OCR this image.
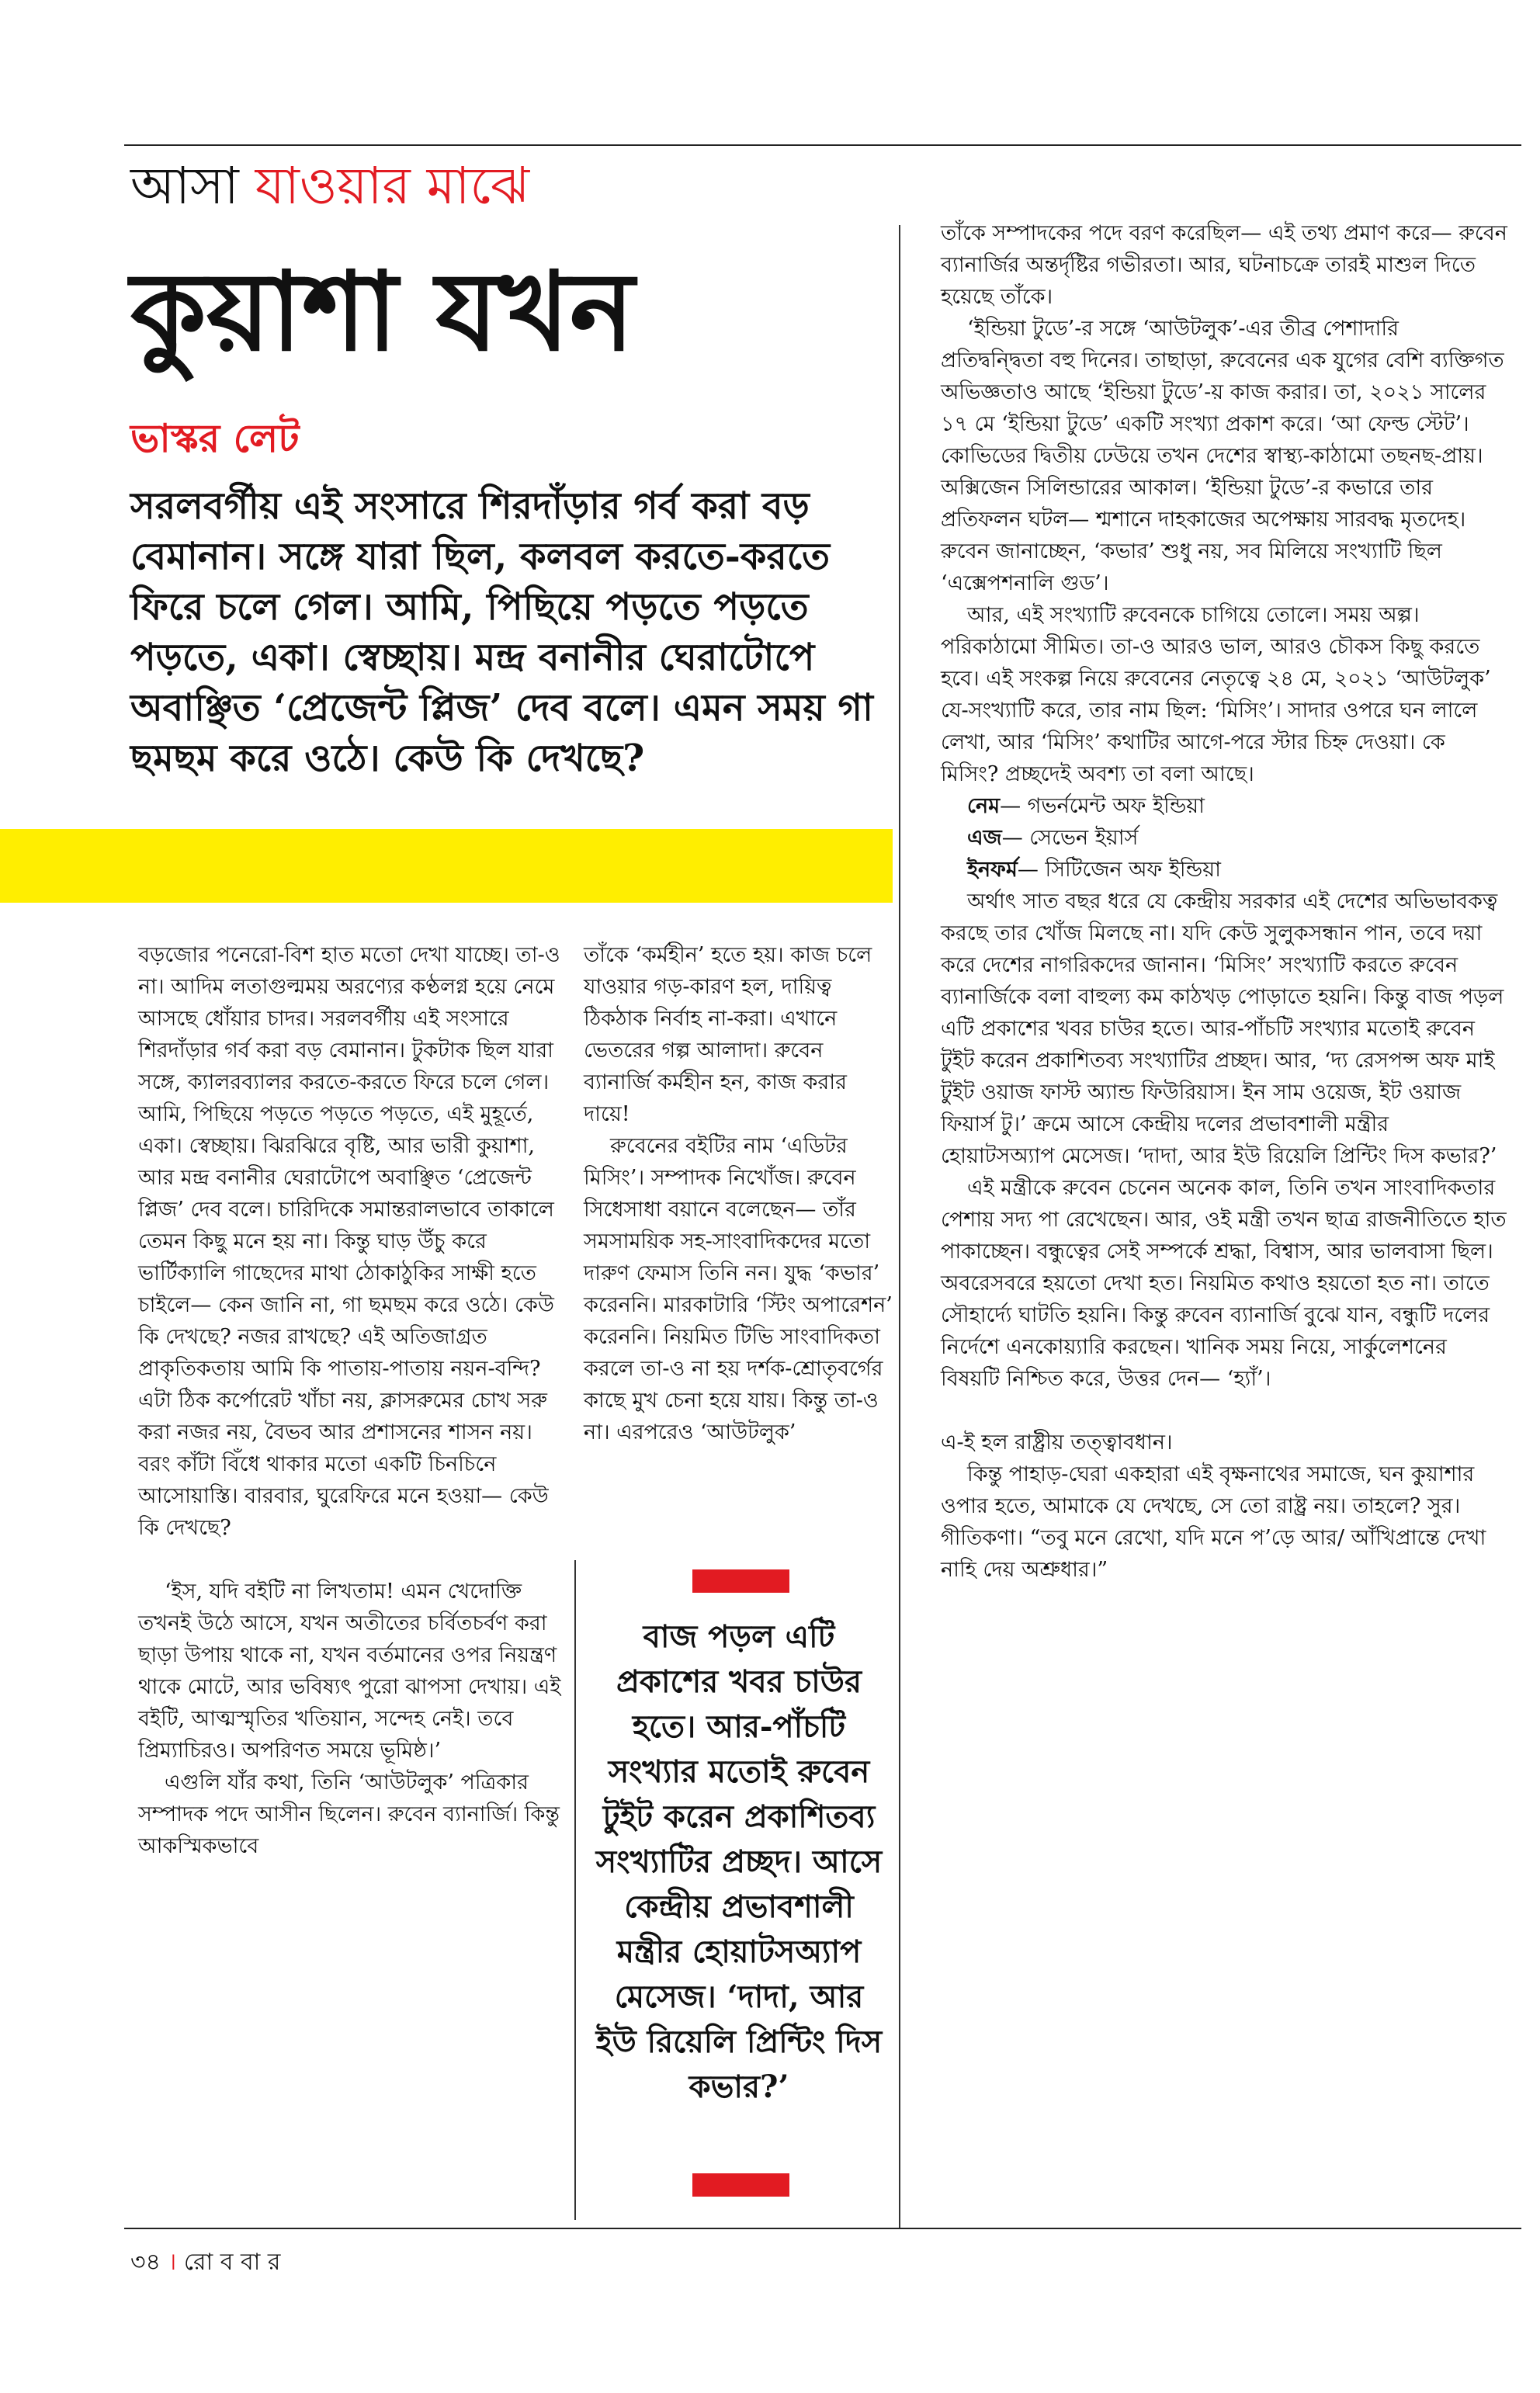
আসা যাওয়ার মাঝে
কুয়াশা যখন
ভাস্কর লেট
সরলবর্গীয় এই সংসারে শিরদাঁড়ার গর্ব করা বড় বেমানান। সঙ্গে যারা ছিল, কলবল করতে-করতে ফিরে চলে গেল। আমি, পিছিয়ে পড়তে পড়তে পড়তে, একা। স্বেচ্ছায়। মন্দ্র বনানীর ঘেরাটোপে অবাঞ্ছিত ‘প্রেজেন্ট প্লিজ’ দেব বলে। এমন সময় গা ছমছম করে ওঠে। কেউ কি দেখছে?

বড়জোর পনেরো-বিশ হাত মতো দেখা যাচ্ছে। তা-ও না। আদিম লতাগুল্মময় অরণ্যের কণ্ঠলগ্ন হয়ে নেমে আসছে ধোঁয়ার চাদর। সরলবর্গীয় এই সংসারে শিরদাঁড়ার গর্ব করা বড় বেমানান। টুকটাক ছিল যারা সঙ্গে, ক্যালরব্যালর করতে-করতে ফিরে চলে গেল। আমি, পিছিয়ে পড়তে পড়তে পড়তে, এই মুহূর্তে, একা। স্বেচ্ছায়। ঝিরঝিরে বৃষ্টি, আর ভারী কুয়াশা, আর মন্দ্র বনানীর ঘেরাটোপে অবাঞ্ছিত ‘প্রেজেন্ট প্লিজ’ দেব বলে। চারিদিকে সমান্তরালভাবে তাকালে তেমন কিছু মনে হয় না। কিন্তু ঘাড় উঁচু করে ভার্টিক্যালি গাছেদের মাথা ঠোকাঠুকির সাক্ষী হতে চাইলে— কেন জানি না, গা ছমছম করে ওঠে। কেউ কি দেখছে? নজর রাখছে? এই অতিজাগ্রত প্রাকৃতিকতায় আমি কি পাতায়-পাতায় নয়ন-বন্দি? এটা ঠিক কর্পোরেট খাঁচা নয়, ক্লাসরুমের চোখ সরু করা নজর নয়, বৈভব আর প্রশাসনের শাসন নয়। বরং কাঁটা বিঁধে থাকার মতো একটি চিনচিনে আসোয়াস্তি। বারবার, ঘুরেফিরে মনে হওয়া— কেউ কি দেখছে?

‘ইস, যদি বইটি না লিখতাম! এমন খেদোক্তি তখনই উঠে আসে, যখন অতীতের চর্বিতচর্বণ করা ছাড়া উপায় থাকে না, যখন বর্তমানের ওপর নিয়ন্ত্রণ থাকে মোটে, আর ভবিষ্যৎ পুরো ঝাপসা দেখায়। এই বইটি, আত্মস্মৃতির খতিয়ান, সন্দেহ নেই। তবে প্রিম্যাচিরও। অপরিণত সময়ে ভূমিষ্ঠ।’

এগুলি যাঁর কথা, তিনি ‘আউটলুক’ পত্রিকার সম্পাদক পদে আসীন ছিলেন। রুবেন ব্যানার্জি। কিন্তু আকস্মিকভাবে

তাঁকে ‘কর্মহীন’ হতে হয়। কাজ চলে যাওয়ার গড়-কারণ হল, দায়িত্ব ঠিকঠাক নির্বাহ না-করা। এখানে ভেতরের গল্প আলাদা। রুবেন ব্যানার্জি কর্মহীন হন, কাজ করার দায়ে!

রুবেনের বইটির নাম ‘এডিটর মিসিং’। সম্পাদক নিখোঁজ। রুবেন সিধেসাধা বয়ানে বলেছেন— তাঁর সমসাময়িক সহ-সাংবাদিকদের মতো দারুণ ফেমাস তিনি নন। যুদ্ধ ‘কভার’ করেননি। মারকাটারি ‘স্টিং অপারেশন’ করেননি। নিয়মিত টিভি সাংবাদিকতা করলে তা-ও না হয় দর্শক-শ্রোতৃবর্গের কাছে মুখ চেনা হয়ে যায়। কিন্তু তা-ও না। এরপরেও ‘আউটলুক’

বাজ পড়ল এটি প্রকাশের খবর চাউর হতে। আর-পাঁচটি সংখ্যার মতোই রুবেন টুইট করেন প্রকাশিতব্য সংখ্যাটির প্রচ্ছদ। আসে কেন্দ্রীয় প্রভাবশালী মন্ত্রীর হোয়াটসঅ্যাপ মেসেজ। ‘দাদা, আর ইউ রিয়েলি প্রিন্টিং দিস কভার?’

তাঁকে সম্পাদকের পদে বরণ করেছিল— এই তথ্য প্রমাণ করে— রুবেন ব্যানার্জির অন্তর্দৃষ্টির গভীরতা। আর, ঘটনাচক্রে তারই মাশুল দিতে হয়েছে তাঁকে।

‘ইন্ডিয়া টুডে’-র সঙ্গে ‘আউটলুক’-এর তীব্র পেশাদারি প্রতিদ্বন্দ্বিতা বহু দিনের। তাছাড়া, রুবেনের এক যুগের বেশি ব্যক্তিগত অভিজ্ঞতাও আছে ‘ইন্ডিয়া টুডে’-য় কাজ করার। তা, ২০২১ সালের ১৭ মে ‘ইন্ডিয়া টুডে’ একটি সংখ্যা প্রকাশ করে। ‘আ ফেল্ড স্টেট’। কোভিডের দ্বিতীয় ঢেউয়ে তখন দেশের স্বাস্থ্য-কাঠামো তছনছ-প্রায়। অক্সিজেন সিলিন্ডারের আকাল। ‘ইন্ডিয়া টুডে’-র কভারে তার প্রতিফলন ঘটল— শ্মশানে দাহকাজের অপেক্ষায় সারবদ্ধ মৃতদেহ। রুবেন জানাচ্ছেন, ‘কভার’ শুধু নয়, সব মিলিয়ে সংখ্যাটি ছিল ‘এক্সেপশনালি গুড’।

আর, এই সংখ্যাটি রুবেনকে চাগিয়ে তোলে। সময় অল্প। পরিকাঠামো সীমিত। তা-ও আরও ভাল, আরও চৌকস কিছু করতে হবে। এই সংকল্প নিয়ে রুবেনের নেতৃত্বে ২৪ মে, ২০২১ ‘আউটলুক’ যে-সংখ্যাটি করে, তার নাম ছিল: ‘মিসিং’। সাদার ওপরে ঘন লালে লেখা, আর ‘মিসিং’ কথাটির আগে-পরে স্টার চিহ্ন দেওয়া। কে মিসিং? প্রচ্ছদেই অবশ্য তা বলা আছে।

নেম— গভর্নমেন্ট অফ ইন্ডিয়া
এজ— সেভেন ইয়ার্স
ইনফর্ম— সিটিজেন অফ ইন্ডিয়া

অর্থাৎ সাত বছর ধরে যে কেন্দ্রীয় সরকার এই দেশের অভিভাবকত্ব করছে তার খোঁজ মিলছে না। যদি কেউ সুলুকসন্ধান পান, তবে দয়া করে দেশের নাগরিকদের জানান। ‘মিসিং’ সংখ্যাটি করতে রুবেন ব্যানার্জিকে বলা বাহুল্য কম কাঠখড় পোড়াতে হয়নি। কিন্তু বাজ পড়ল এটি প্রকাশের খবর চাউর হতে। আর-পাঁচটি সংখ্যার মতোই রুবেন টুইট করেন প্রকাশিতব্য সংখ্যাটির প্রচ্ছদ। আর, ‘দ্য রেসপন্স অফ মাই টুইট ওয়াজ ফাস্ট অ্যান্ড ফিউরিয়াস। ইন সাম ওয়েজ, ইট ওয়াজ ফিয়ার্স টু।’ ক্রমে আসে কেন্দ্রীয় দলের প্রভাবশালী মন্ত্রীর হোয়াটসঅ্যাপ মেসেজ। ‘দাদা, আর ইউ রিয়েলি প্রিন্টিং দিস কভার?’

এই মন্ত্রীকে রুবেন চেনেন অনেক কাল, তিনি তখন সাংবাদিকতার পেশায় সদ্য পা রেখেছেন। আর, ওই মন্ত্রী তখন ছাত্র রাজনীতিতে হাত পাকাচ্ছেন। বন্ধুত্বের সেই সম্পর্কে শ্রদ্ধা, বিশ্বাস, আর ভালবাসা ছিল। অবরেসবরে হয়তো দেখা হত। নিয়মিত কথাও হয়তো হত না। তাতে সৌহার্দ্যে ঘাটতি হয়নি। কিন্তু রুবেন ব্যানার্জি বুঝে যান, বন্ধুটি দলের নির্দেশে এনকোয়্যারি করছেন। খানিক সময় নিয়ে, সার্কুলেশনের বিষয়টি নিশ্চিত করে, উত্তর দেন— ‘হ্যাঁ’।

এ-ই হল রাষ্ট্রীয় তত্ত্বাবধান।

কিন্তু পাহাড়-ঘেরা একহারা এই বৃক্ষনাথের সমাজে, ঘন কুয়াশার ওপার হতে, আমাকে যে দেখছে, সে তো রাষ্ট্র নয়। তাহলে? সুর। গীতিকণা। “তবু মনে রেখো, যদি মনে প’ড়ে আর/ আঁখিপ্রান্তে দেখা নাহি দেয় অশ্রুধার।”

৩৪ । রো ব বা র
